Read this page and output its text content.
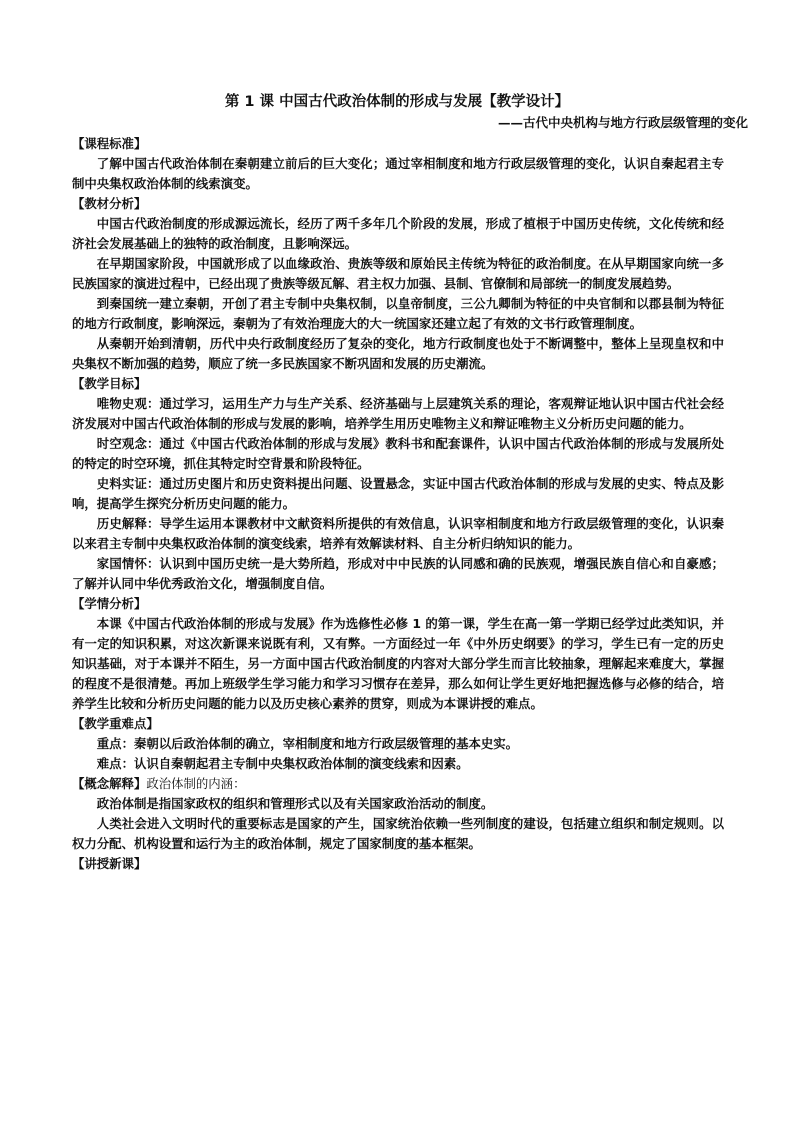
第 1 课 中国古代政治体制的形成与发展【教学设计】
——古代中央机构与地方行政层级管理的变化

【课程标准】

了解中国古代政治体制在秦朝建立前后的巨大变化；通过宰相制度和地方行政层级管理的变化，认识自秦起君主专制中央集权政治体制的线索演变。

【教材分析】

中国古代政治制度的形成源远流长，经历了两千多年几个阶段的发展，形成了植根于中国历史传统，文化传统和经济社会发展基础上的独特的政治制度，且影响深远。

在早期国家阶段，中国就形成了以血缘政治、贵族等级和原始民主传统为特征的政治制度。在从早期国家向统一多民族国家的演进过程中，已经出现了贵族等级瓦解、君主权力加强、县制、官僚制和局部统一的制度发展趋势。

到秦国统一建立秦朝，开创了君主专制中央集权制，以皇帝制度，三公九卿制为特征的中央官制和以郡县制为特征的地方行政制度，影响深远，秦朝为了有效治理庞大的大一统国家还建立起了有效的文书行政管理制度。

从秦朝开始到清朝，历代中央行政制度经历了复杂的变化，地方行政制度也处于不断调整中，整体上呈现皇权和中央集权不断加强的趋势，顺应了统一多民族国家不断巩固和发展的历史潮流。

【教学目标】

唯物史观：通过学习，运用生产力与生产关系、经济基础与上层建筑关系的理论，客观辩证地认识中国古代社会经济发展对中国古代政治体制的形成与发展的影响，培养学生用历史唯物主义和辩证唯物主义分析历史问题的能力。

时空观念：通过《中国古代政治体制的形成与发展》教科书和配套课件，认识中国古代政治体制的形成与发展所处的特定的时空环境，抓住其特定时空背景和阶段特征。

史料实证：通过历史图片和历史资料提出问题、设置悬念，实证中国古代政治体制的形成与发展的史实、特点及影响，提高学生探究分析历史问题的能力。

历史解释：导学生运用本课教材中文献资料所提供的有效信息，认识宰相制度和地方行政层级管理的变化，认识秦以来君主专制中央集权政治体制的演变线索，培养有效解读材料、自主分析归纳知识的能力。

家国情怀：认识到中国历史统一是大势所趋，形成对中中民族的认同感和确的民族观，增强民族自信心和自豪感；了解并认同中华优秀政治文化，增强制度自信。

【学情分析】

本课《中国古代政治体制的形成与发展》作为选修性必修 1 的第一课，学生在高一第一学期已经学过此类知识，并有一定的知识积累，对这次新课来说既有利，又有弊。一方面经过一年《中外历史纲要》的学习，学生已有一定的历史知识基础，对于本课并不陌生，另一方面中国古代政治制度的内容对大部分学生而言比较抽象，理解起来难度大，掌握的程度不是很清楚。再加上班级学生学习能力和学习习惯存在差异，那么如何让学生更好地把握选修与必修的结合，培养学生比较和分析历史问题的能力以及历史核心素养的贯穿，则成为本课讲授的难点。

【教学重难点】

重点：秦朝以后政治体制的确立，宰相制度和地方行政层级管理的基本史实。

难点：认识自秦朝起君主专制中央集权政治体制的演变线索和因素。

【概念解释】政治体制的内涵：

政治体制是指国家政权的组织和管理形式以及有关国家政治活动的制度。

人类社会进入文明时代的重要标志是国家的产生，国家统治依赖一些列制度的建设，包括建立组织和制定规则。以权力分配、机构设置和运行为主的政治体制，规定了国家制度的基本框架。

【讲授新课】
